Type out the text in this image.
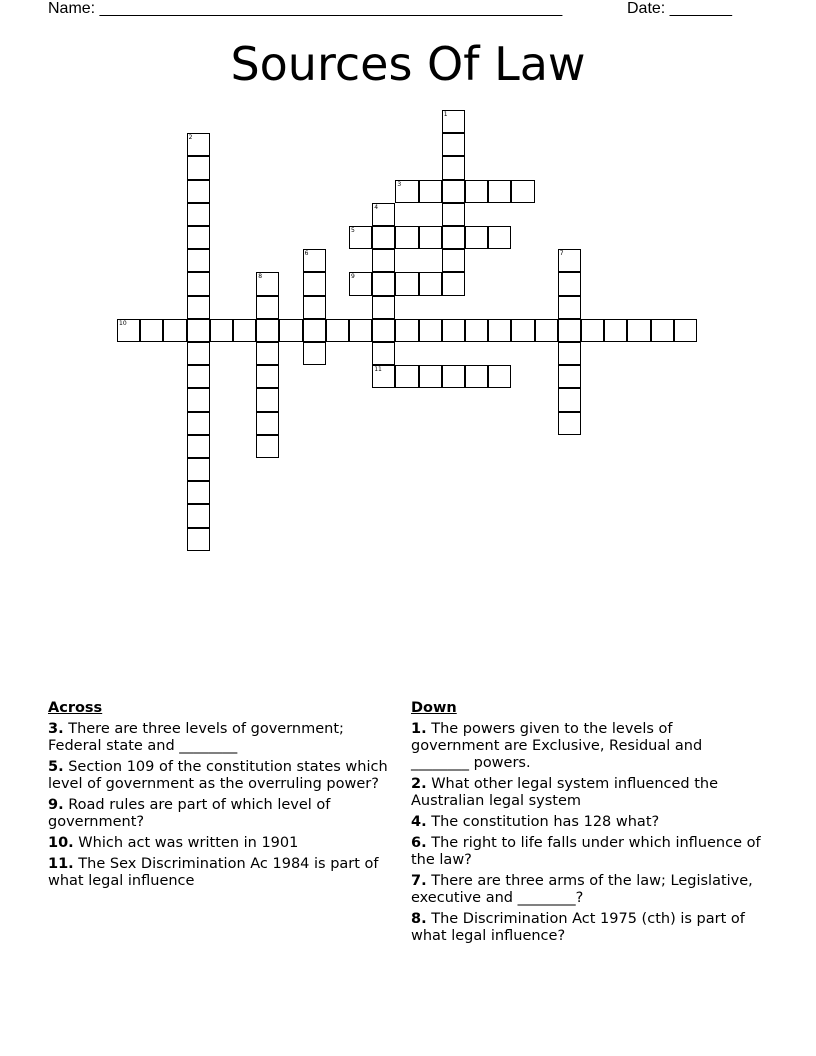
Name: ____________________________________________________	Date: _______
Sources Of Law
1
2
3
4
11
5
6	7
8	9
10
Across
3. There are three levels of government; Federal state and ________
5. Section 109 of the constitution states which level of government as the overruling power?
9. Road rules are part of which level of government?
10. Which act was written in 1901
11. The Sex Discrimination Ac 1984 is part of what legal influence
Down
1. The powers given to the levels of government are Exclusive, Residual and ________ powers.
2. What other legal system influenced the Australian legal system
4. The constitution has 128 what?
6. The right to life falls under which influence of the law?
7. There are three arms of the law; Legislative, executive and ________?
8. The Discrimination Act 1975 (cth) is part of what legal influence?
